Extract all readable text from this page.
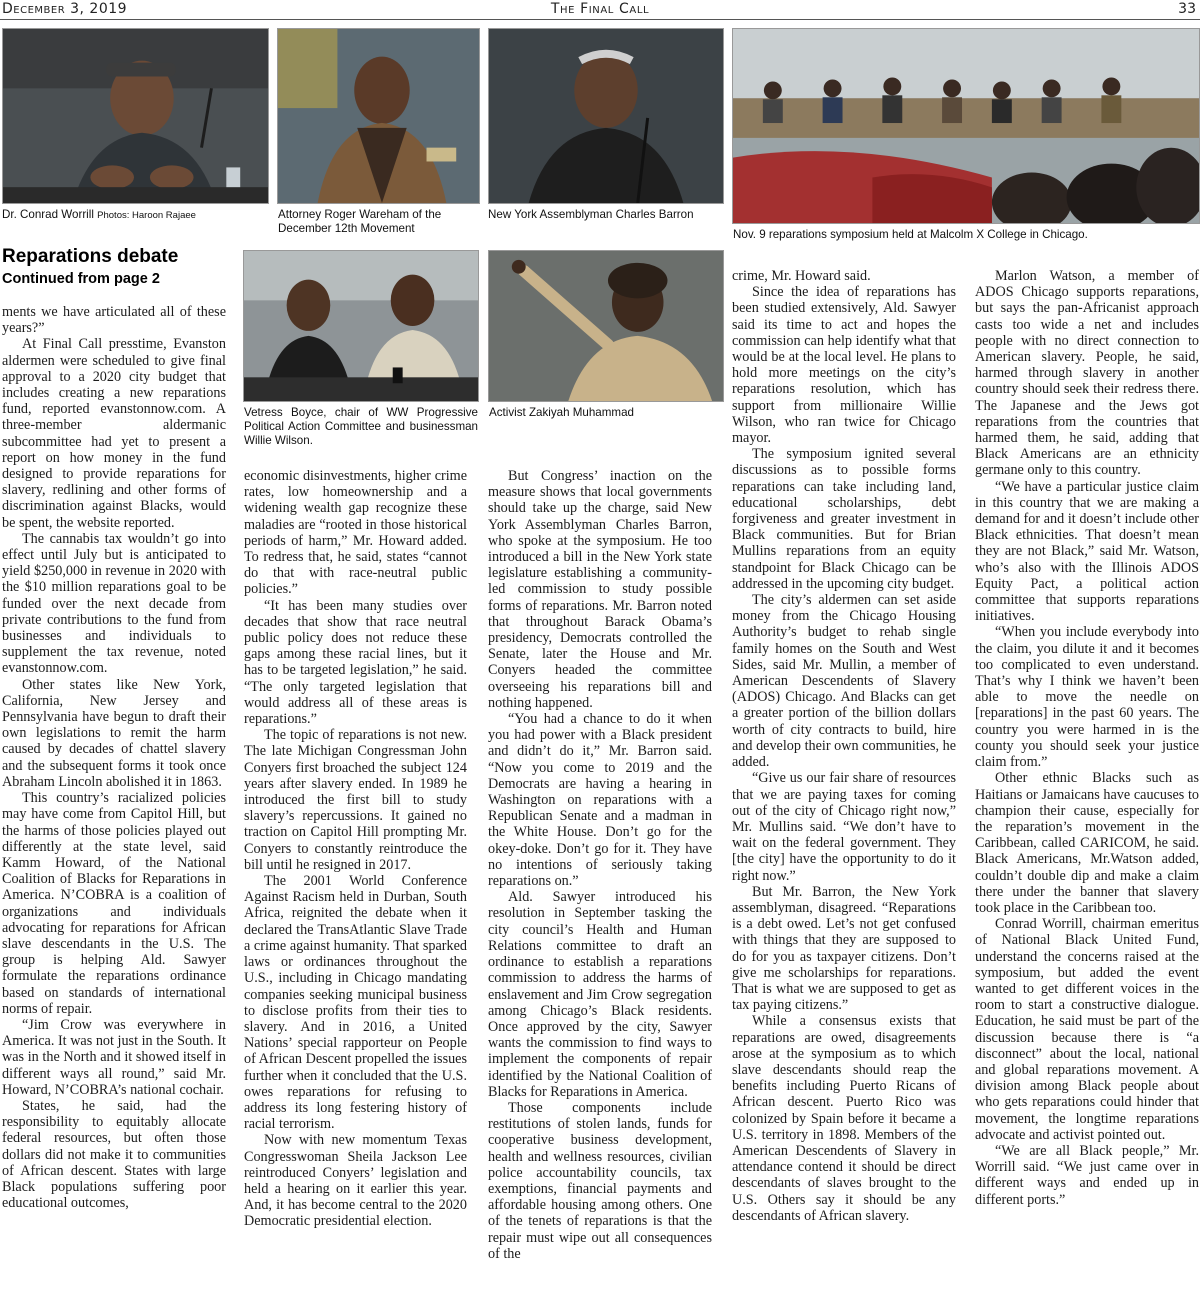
December 3, 2019	The Final Call	33
Dr. Conrad Worrill Photos: Haroon Rajaee	Attorney Roger Wareham of the December 12th Movement
New York Assemblyman Charles Barron
Nov. 9 reparations symposium held at Malcolm X College in Chicago.
Reparations debate
Continued from page 2
Vetress Boyce, chair of WW Progressive Political Action Committee and businessman Willie Wilson.
Activist Zakiyah Muhammad

ments we have articulated all of these years?”

At Final Call presstime, Evanston aldermen were scheduled to give final approval to a 2020 city budget that includes creating a new reparations fund, reported evanstonnow.com. A three-member aldermanic subcommittee had yet to present a report on how money in the fund designed to provide reparations for slavery, redlining and other forms of discrimination against Blacks, would be spent, the website reported.

The cannabis tax wouldn’t go into effect until July but is anticipated to yield $250,000 in revenue in 2020 with the $10 million reparations goal to be funded over the next decade from private contributions to the fund from businesses and individuals to supplement the tax revenue, noted evanstonnow.com.

Other states like New York, California, New Jersey and Pennsylvania have begun to draft their own legislations to remit the harm caused by decades of chattel slavery and the subsequent forms it took once Abraham Lincoln abolished it in 1863.

This country’s racialized policies may have come from Capitol Hill, but the harms of those policies played out differently at the state level, said Kamm Howard, of the National Coalition of Blacks for Reparations in America. N’COBRA is a coalition of organizations and individuals advocating for reparations for African slave descendants in the U.S. The group is helping Ald. Sawyer formulate the reparations ordinance based on standards of international norms of repair.

“Jim Crow was everywhere in America. It was not just in the South. It was in the North and it showed itself in different ways all round,” said Mr. Howard, N’COBRA’s national cochair.

States, he said, had the responsibility to equitably allocate federal resources, but often those dollars did not make it to communities of African descent. States with large Black populations suffering poor educational outcomes,

economic disinvestments, higher crime rates, low homeownership and a widening wealth gap recognize these maladies are “rooted in those historical periods of harm,” Mr. Howard added. To redress that, he said, states “cannot do that with race-neutral public policies.”

“It has been many studies over decades that show that race neutral public policy does not reduce these gaps among these racial lines, but it has to be targeted legislation,” he said. “The only targeted legislation that would address all of these areas is reparations.”

The topic of reparations is not new. The late Michigan Congressman John Conyers first broached the subject 124 years after slavery ended. In 1989 he introduced the first bill to study slavery’s repercussions. It gained no traction on Capitol Hill prompting Mr. Conyers to constantly reintroduce the bill until he resigned in 2017.

The 2001 World Conference Against Racism held in Durban, South Africa, reignited the debate when it declared the TransAtlantic Slave Trade a crime against humanity. That sparked laws or ordinances throughout the U.S., including in Chicago mandating companies seeking municipal business to disclose profits from their ties to slavery. And in 2016, a United Nations’ special rapporteur on People of African Descent propelled the issues further when it concluded that the U.S. owes reparations for refusing to address its long festering history of racial terrorism.

Now with new momentum Texas Congresswoman Sheila Jackson Lee reintroduced Conyers’ legislation and held a hearing on it earlier this year. And, it has become central to the 2020 Democratic presidential election.

But Congress’ inaction on the measure shows that local governments should take up the charge, said New York Assemblyman Charles Barron, who spoke at the symposium. He too introduced a bill in the New York state legislature establishing a community-led commission to study possible forms of reparations. Mr. Barron noted that throughout Barack Obama’s presidency, Democrats controlled the Senate, later the House and Mr. Conyers headed the committee overseeing his reparations bill and nothing happened.

“You had a chance to do it when you had power with a Black president and didn’t do it,” Mr. Barron said. “Now you come to 2019 and the Democrats are having a hearing in Washington on reparations with a Republican Senate and a madman in the White House. Don’t go for the okey-doke. Don’t go for it. They have no intentions of seriously taking reparations on.”

Ald. Sawyer introduced his resolution in September tasking the city council’s Health and Human Relations committee to draft an ordinance to establish a reparations commission to address the harms of enslavement and Jim Crow segregation among Chicago’s Black residents. Once approved by the city, Sawyer wants the commission to find ways to implement the components of repair identified by the National Coalition of Blacks for Reparations in America.

Those components include restitutions of stolen lands, funds for cooperative business development, health and wellness resources, civilian police accountability councils, tax exemptions, financial payments and affordable housing among others. One of the tenets of reparations is that the repair must wipe out all consequences of the

crime, Mr. Howard said.

Since the idea of reparations has been studied extensively, Ald. Sawyer said its time to act and hopes the commission can help identify what that would be at the local level. He plans to hold more meetings on the city’s reparations resolution, which has support from millionaire Willie Wilson, who ran twice for Chicago mayor.

The symposium ignited several discussions as to possible forms reparations can take including land, educational scholarships, debt forgiveness and greater investment in Black communities. But for Brian Mullins reparations from an equity standpoint for Black Chicago can be addressed in the upcoming city budget.

The city’s aldermen can set aside money from the Chicago Housing Authority’s budget to rehab single family homes on the South and West Sides, said Mr. Mullin, a member of American Descendents of Slavery (ADOS) Chicago. And Blacks can get a greater portion of the billion dollars worth of city contracts to build, hire and develop their own communities, he added.

“Give us our fair share of resources that we are paying taxes for coming out of the city of Chicago right now,” Mr. Mullins said. “We don’t have to wait on the federal government. They [the city] have the opportunity to do it right now.”

But Mr. Barron, the New York assemblyman, disagreed. “Reparations is a debt owed. Let’s not get confused with things that they are supposed to do for you as taxpayer citizens. Don’t give me scholarships for reparations. That is what we are supposed to get as tax paying citizens.”

While a consensus exists that reparations are owed, disagreements arose at the symposium as to which slave descendants should reap the benefits including Puerto Ricans of African descent. Puerto Rico was colonized by Spain before it became a U.S. territory in 1898. Members of the American Descendents of Slavery in attendance contend it should be direct descendants of slaves brought to the U.S. Others say it should be any descendants of African slavery.

Marlon Watson, a member of ADOS Chicago supports reparations, but says the pan-Africanist approach casts too wide a net and includes people with no direct connection to American slavery. People, he said, harmed through slavery in another country should seek their redress there. The Japanese and the Jews got reparations from the countries that harmed them, he said, adding that Black Americans are an ethnicity germane only to this country.

“We have a particular justice claim in this country that we are making a demand for and it doesn’t include other Black ethnicities. That doesn’t mean they are not Black,” said Mr. Watson, who’s also with the Illinois ADOS Equity Pact, a political action committee that supports reparations initiatives.

“When you include everybody into the claim, you dilute it and it becomes too complicated to even understand. That’s why I think we haven’t been able to move the needle on [reparations] in the past 60 years. The country you were harmed in is the county you should seek your justice claim from.”

Other ethnic Blacks such as Haitians or Jamaicans have caucuses to champion their cause, especially for the reparation’s movement in the Caribbean, called CARICOM, he said. Black Americans, Mr.Watson added, couldn’t double dip and make a claim there under the banner that slavery took place in the Caribbean too.

Conrad Worrill, chairman emeritus of National Black United Fund, understand the concerns raised at the symposium, but added the event wanted to get different voices in the room to start a constructive dialogue. Education, he said must be part of the discussion because there is “a disconnect” about the local, national and global reparations movement. A division among Black people about who gets reparations could hinder that movement, the longtime reparations advocate and activist pointed out.

“We are all Black people,” Mr. Worrill said. “We just came over in different ways and ended up in different ports.”
